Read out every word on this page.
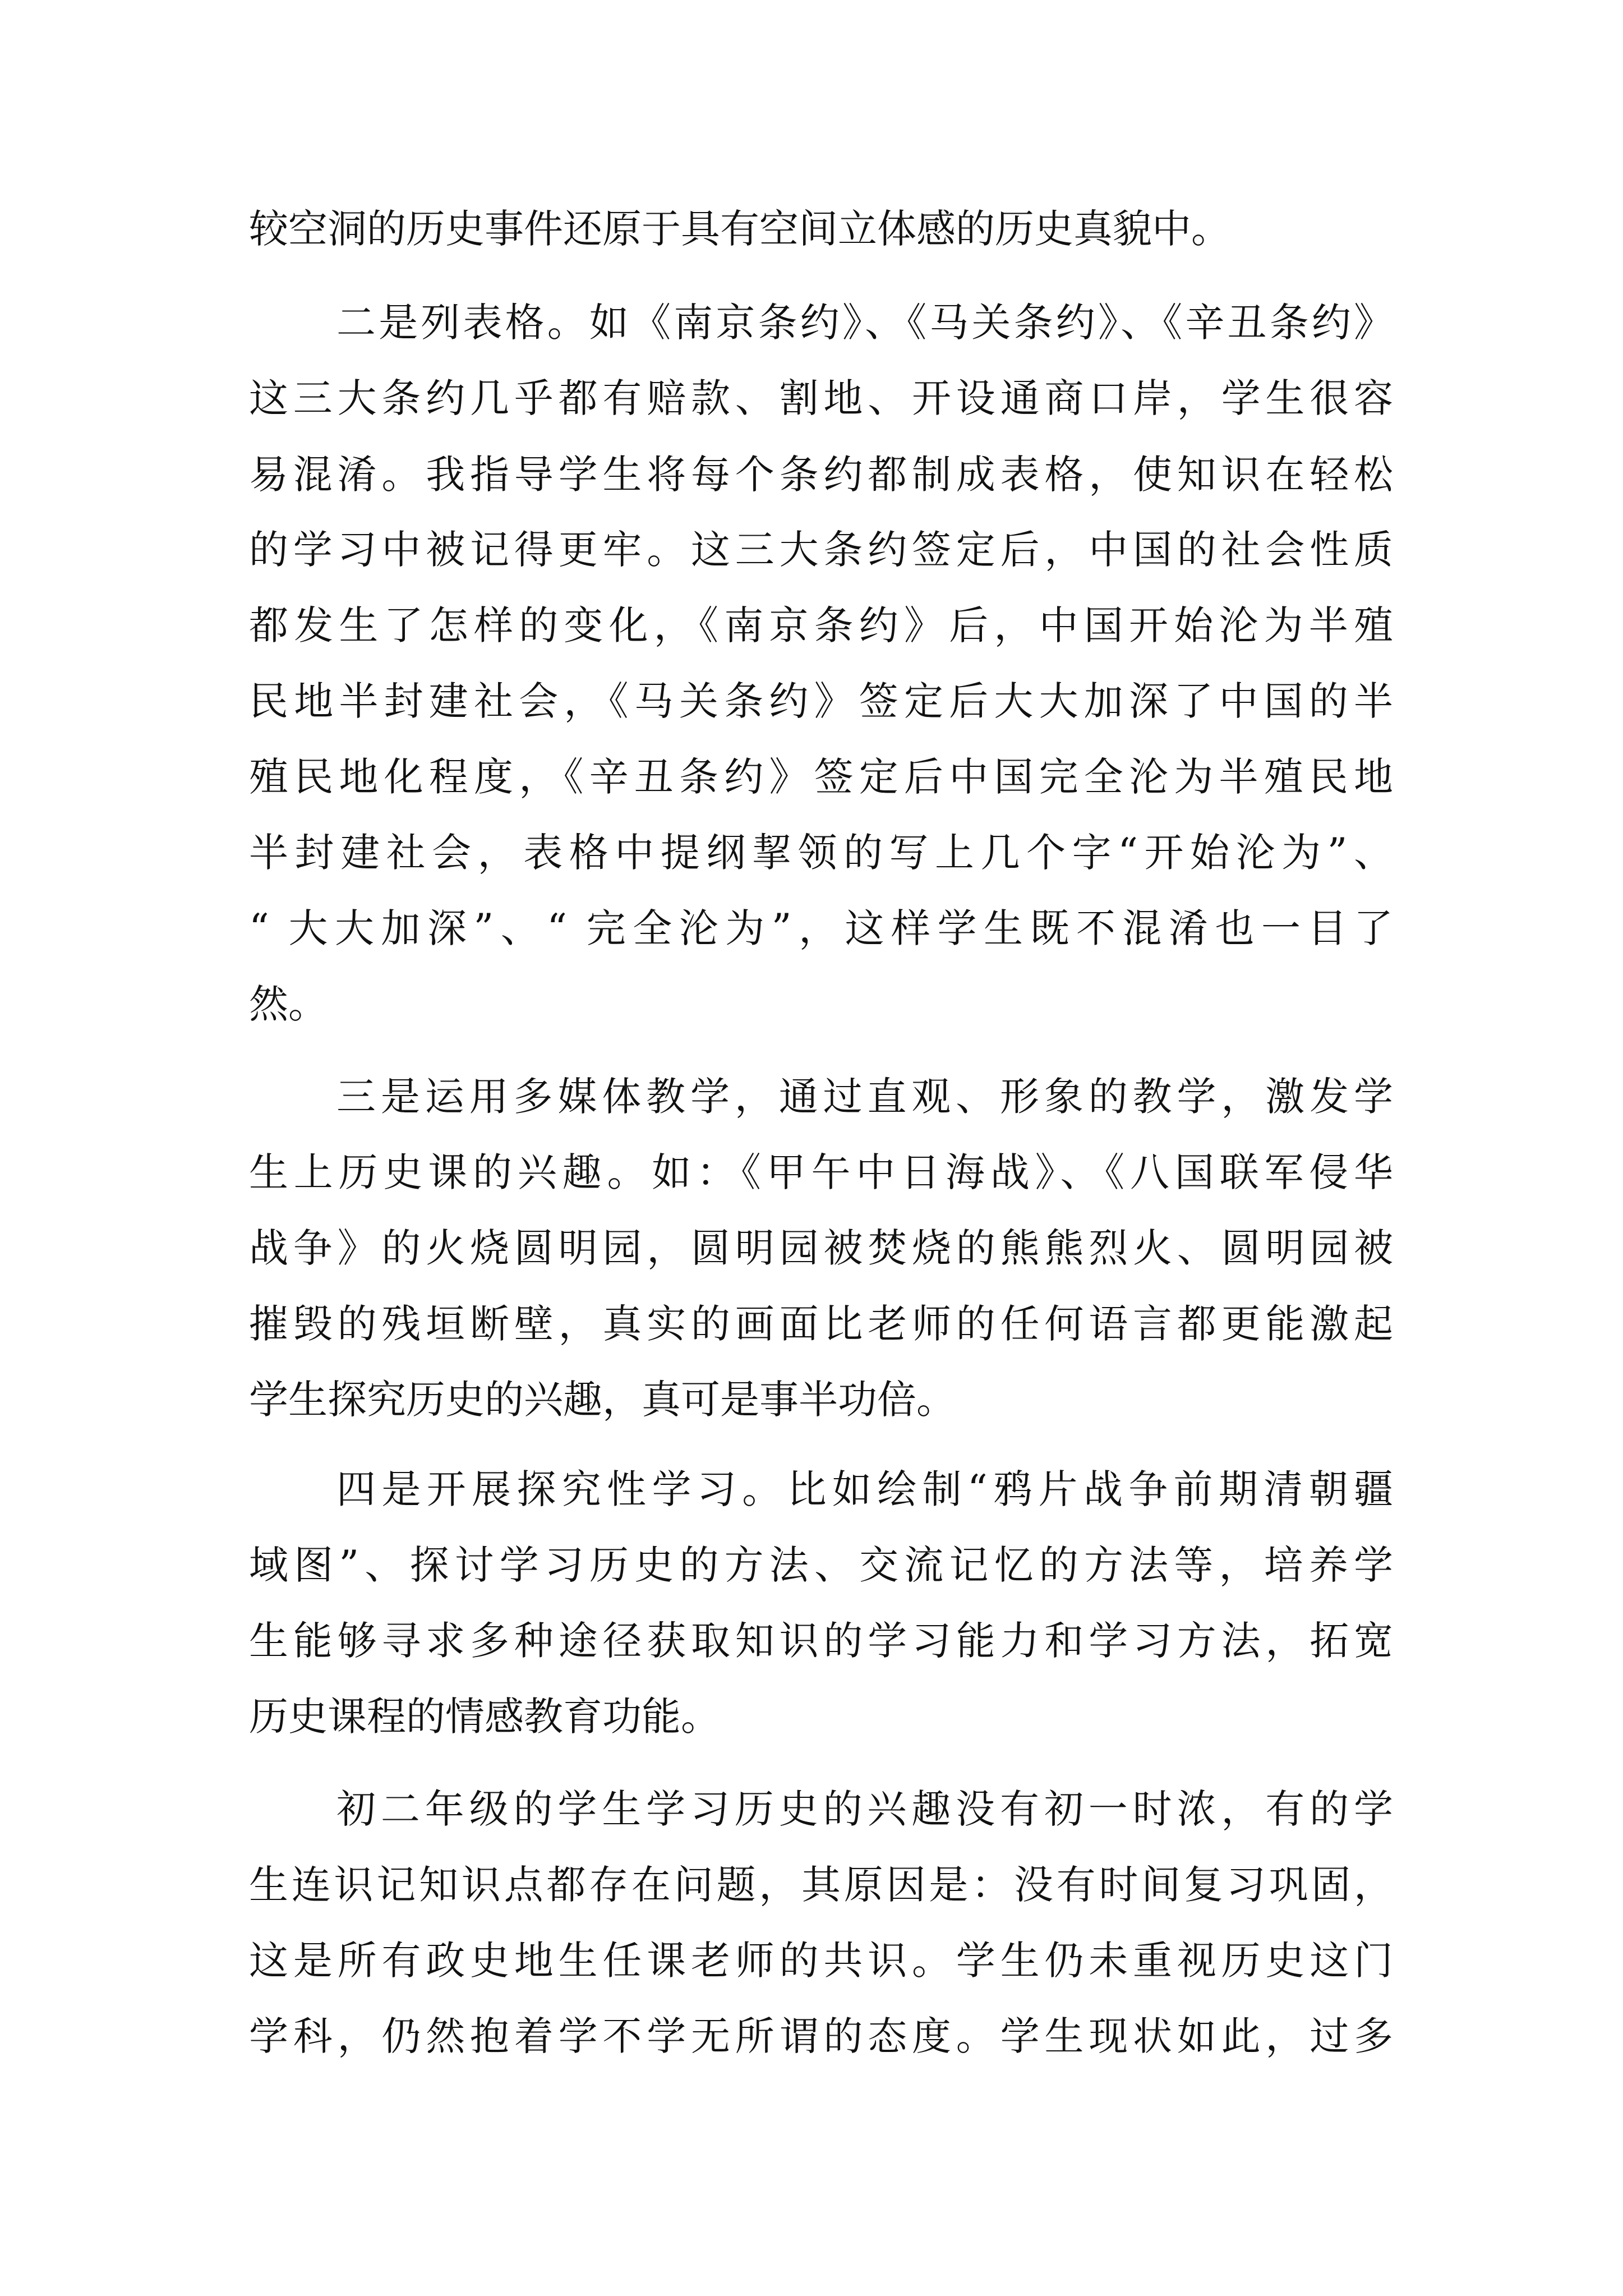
较空洞的历史事件还原于具有空间立体感的历史真貌中。
二是列表格。如《南京条约》、《马关条约》、《辛丑条约》
这三大条约几乎都有赔款、割地、开设通商口岸，学生很容
易混淆。我指导学生将每个条约都制成表格，使知识在轻松
的学习中被记得更牢。这三大条约签定后，中国的社会性质
都发生了怎样的变化，《南京条约》后，中国开始沦为半殖
民地半封建社会，《马关条约》签定后大大加深了中国的半
殖民地化程度，《辛丑条约》签定后中国完全沦为半殖民地
半封建社会，表格中提纲挈领的写上几个字“开始沦为”、
“ 大大加深”、“ 完全沦为”，这样学生既不混淆也一目了
然。
三是运用多媒体教学，通过直观、形象的教学，激发学
生上历史课的兴趣。如：《甲午中日海战》、《八国联军侵华
战争》的火烧圆明园，圆明园被焚烧的熊熊烈火、圆明园被
摧毁的残垣断壁，真实的画面比老师的任何语言都更能激起
学生探究历史的兴趣，真可是事半功倍。
四是开展探究性学习。比如绘制“鸦片战争前期清朝疆
域图”、探讨学习历史的方法、交流记忆的方法等，培养学
生能够寻求多种途径获取知识的学习能力和学习方法，拓宽
历史课程的情感教育功能。
初二年级的学生学习历史的兴趣没有初一时浓，有的学
生连识记知识点都存在问题，其原因是：没有时间复习巩固，
这是所有政史地生任课老师的共识。学生仍未重视历史这门
学科，仍然抱着学不学无所谓的态度。学生现状如此，过多
